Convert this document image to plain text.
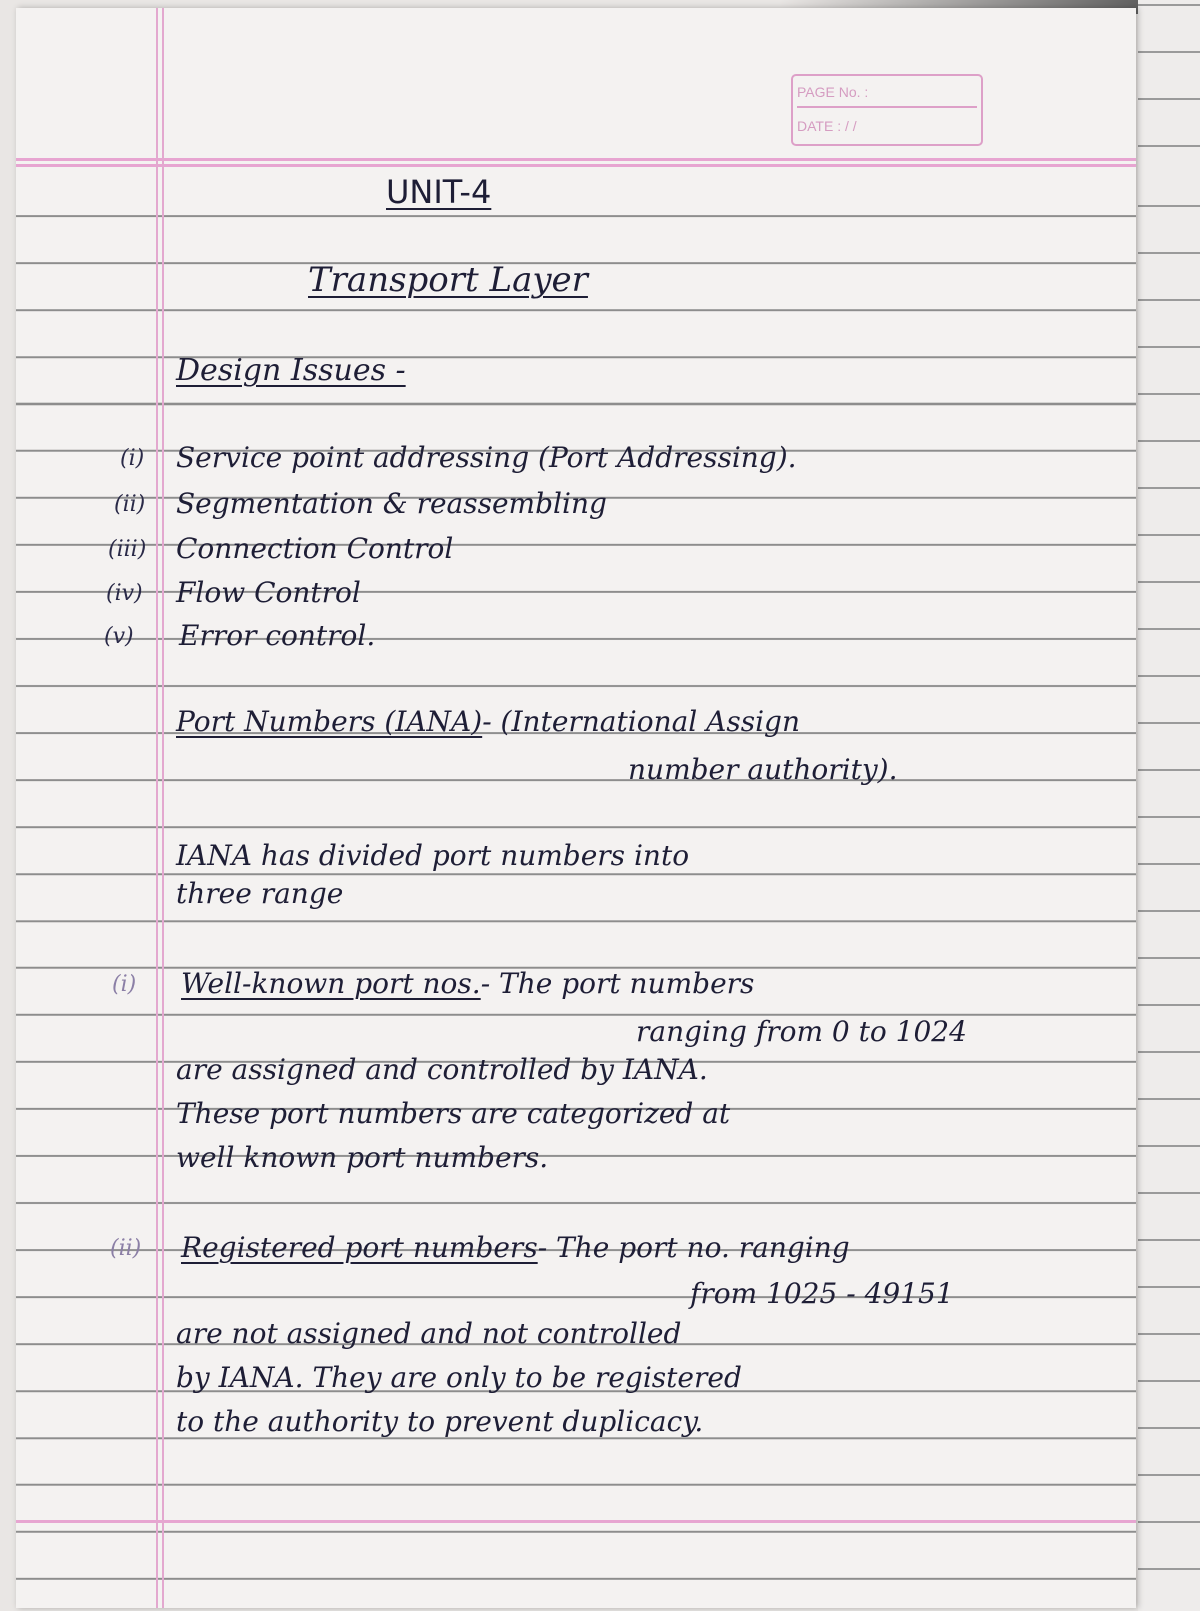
PAGE No. :
DATE : / /
UNIT-4
Transport Layer
Design Issues -
(i) Service point addressing (Port Addressing).
(ii) Segmentation & reassembling
(iii) Connection Control
(iv) Flow Control
(v) Error control.
Port Numbers (IANA)- (International Assign
number authority).
IANA has divided port numbers into
three range
(i) Well-known port nos.- The port numbers
ranging from 0 to 1024
are assigned and controlled by IANA.
These port numbers are categorized at
well known port numbers.
(ii) Registered port numbers- The port no. ranging
from 1025 - 49151
are not assigned and not controlled
by IANA. They are only to be registered
to the authority to prevent duplicacy.
